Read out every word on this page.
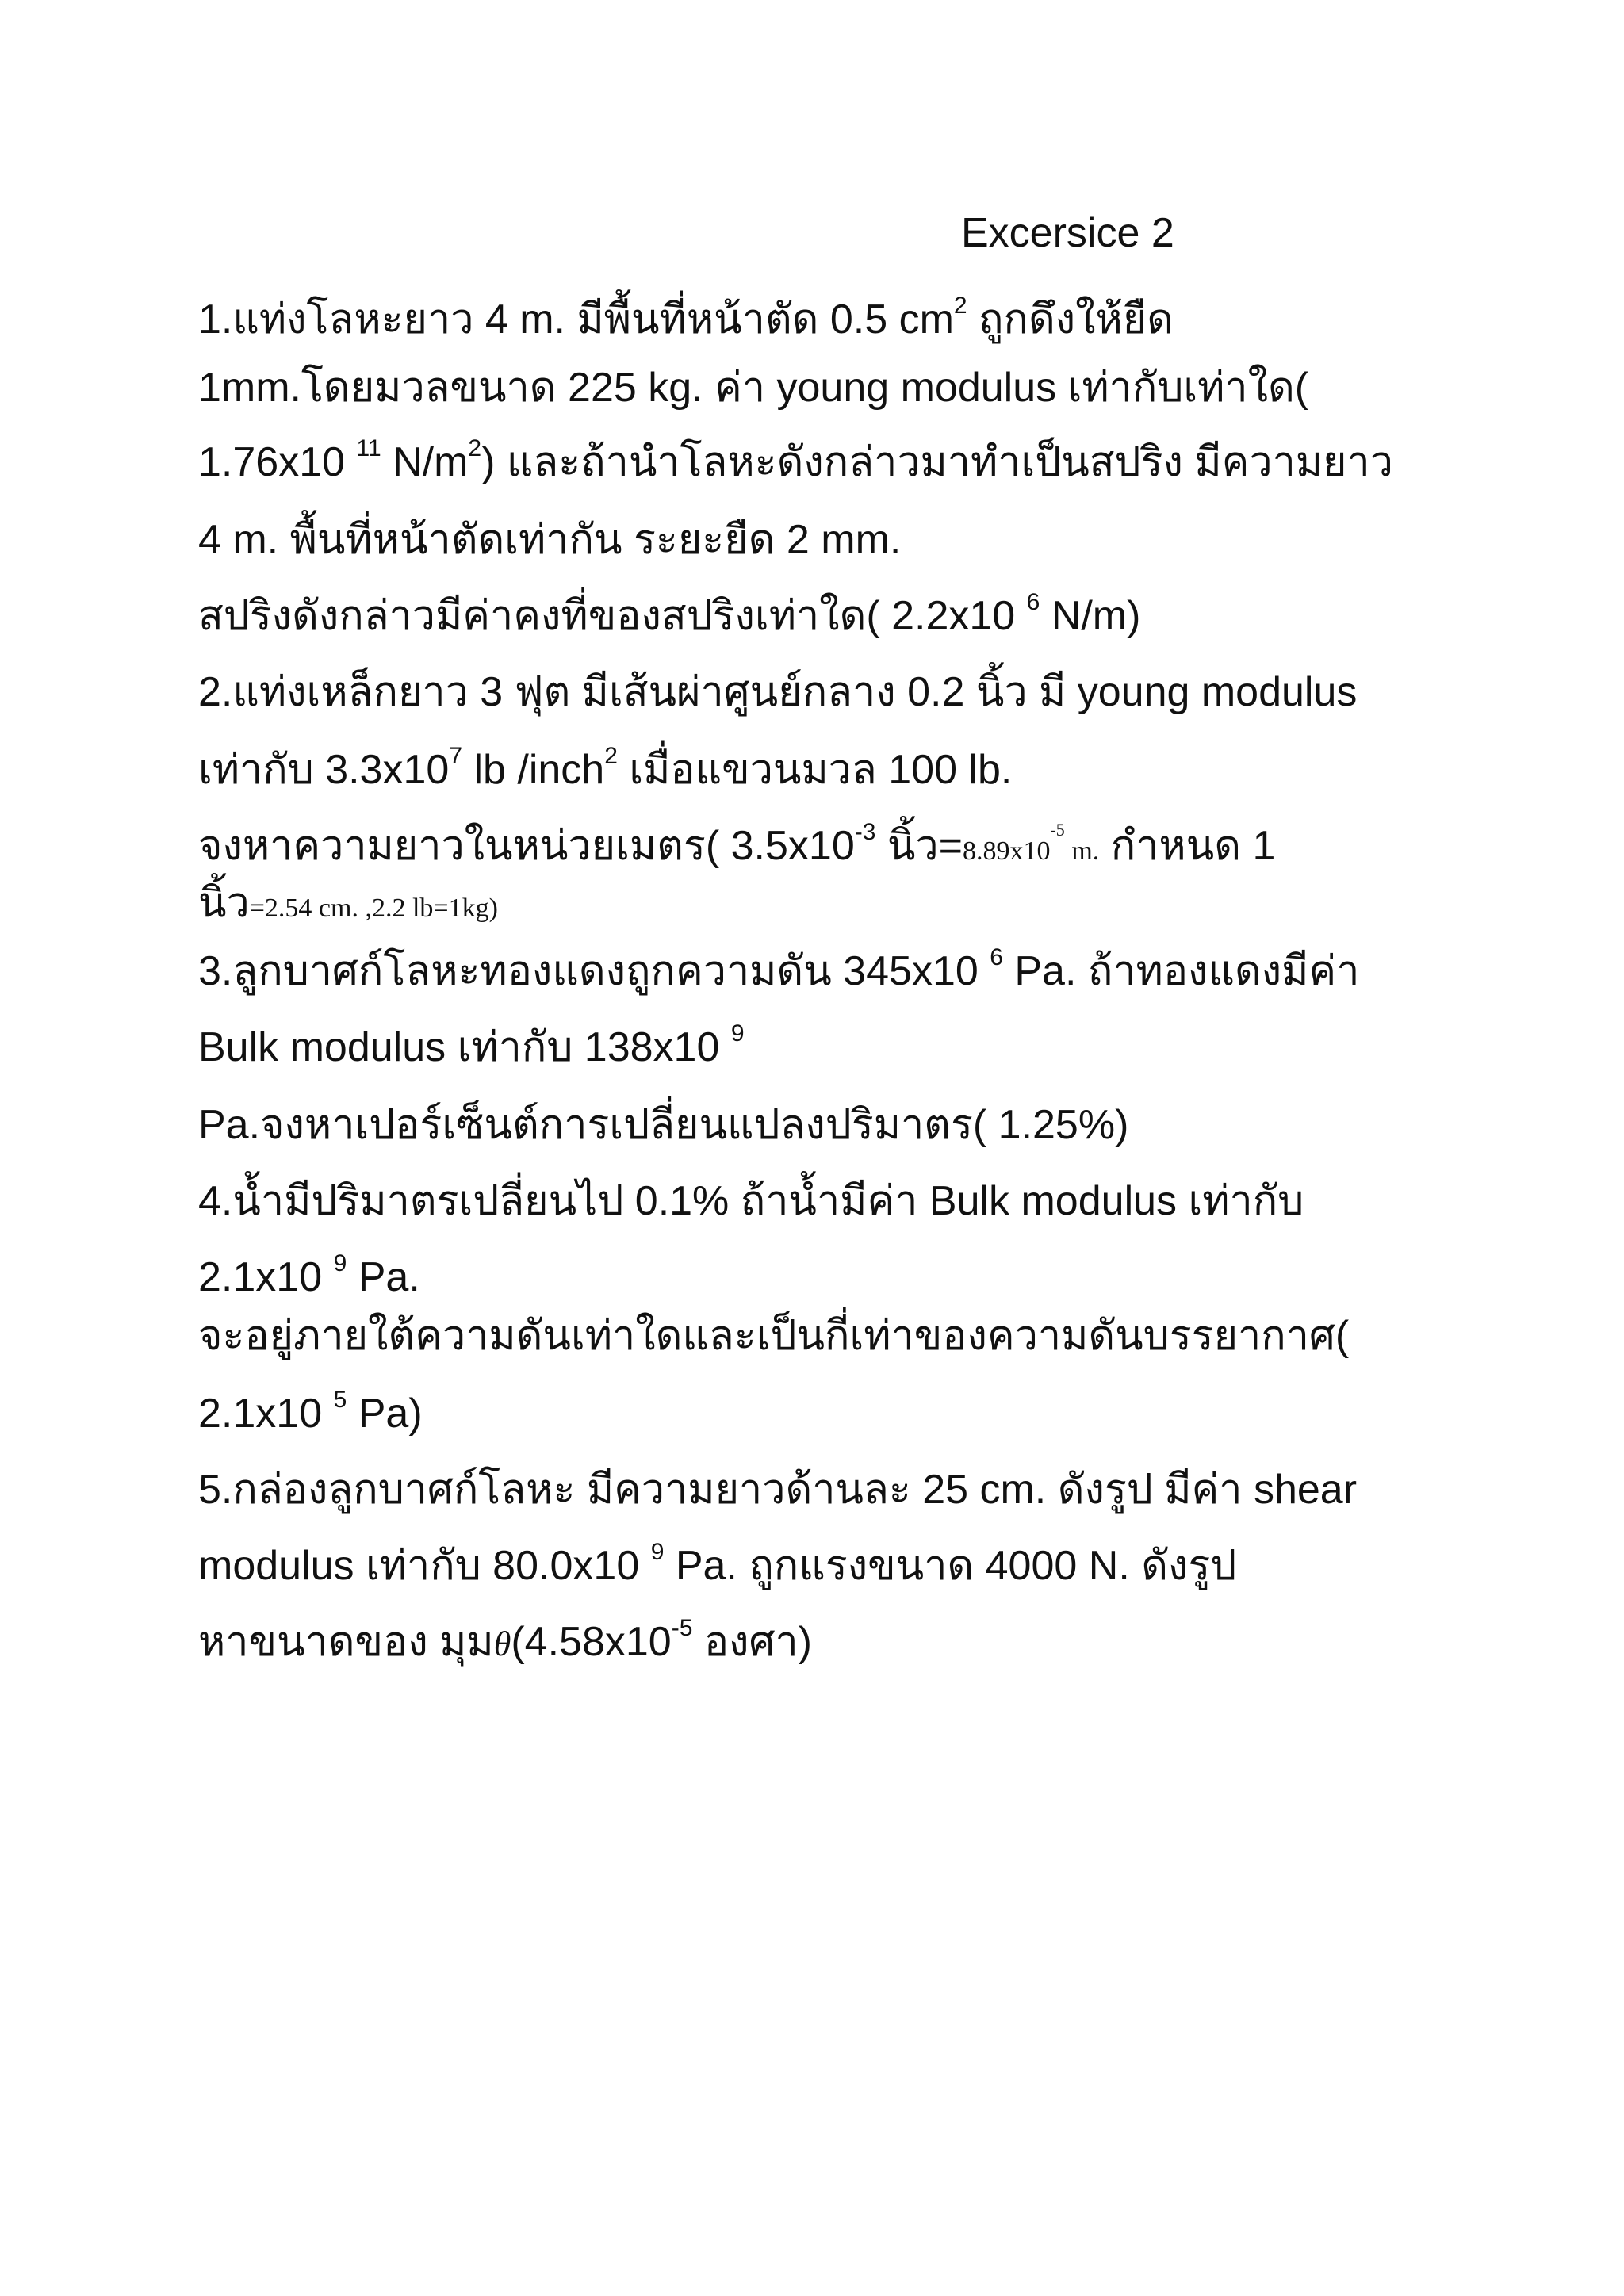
Excersice 2
1.แท่งโลหะยาว 4 m. มีพื้นที่หน้าตัด 0.5 $cm^2$ ถูกดึงให้ยืด
1mm.โดยมวลขนาด 225 kg. ค่า young modulus เท่ากับเท่าใด(
1.76x10 $^{11}$ $N/m^2$) และถ้านำโลหะดังกล่าวมาทำเป็นสปริง มีความยาว
4 m. พื้นที่หน้าตัดเท่ากัน ระยะยืด 2 mm.
สปริงดังกล่าวมีค่าคงที่ของสปริงเท่าใด( 2.2x10 $^6$ N/m)
2.แท่งเหล็กยาว 3 ฟุต มีเส้นผ่าศูนย์กลาง 0.2 นิ้ว มี young modulus
เท่ากับ $3.3x10^7$ lb /inch$^2$ เมื่อแขวนมวล 100 lb.
จงหาความยาวในหน่วยเมตร( $3.5x10^{-3}$ นิ้ว$=8.89x10^{-5}$ m. กำหนด 1
นิ้ว=2.54 cm. ,2.2 lb=1kg)
3.ลูกบาศก์โลหะทองแดงถูกความดัน 345x10 $^6$ Pa. ถ้าทองแดงมีค่า
Bulk modulus เท่ากับ 138x10 $^9$
Pa.จงหาเปอร์เซ็นต์การเปลี่ยนแปลงปริมาตร( 1.25%)
4.น้ำมีปริมาตรเปลี่ยนไป 0.1% ถ้าน้ำมีค่า Bulk modulus เท่ากับ
2.1x10 $^9$ Pa.
จะอยู่ภายใต้ความดันเท่าใดและเป็นกี่เท่าของความดันบรรยากาศ(
2.1x10 $^5$ Pa)
5.กล่องลูกบาศก์โลหะ มีความยาวด้านละ 25 cm. ดังรูป มีค่า shear
modulus เท่ากับ 80.0x10 $^9$ Pa. ถูกแรงขนาด 4000 N. ดังรูป
หาขนาดของ มุม$\theta(4.58x10^{-5}$ องศา)
